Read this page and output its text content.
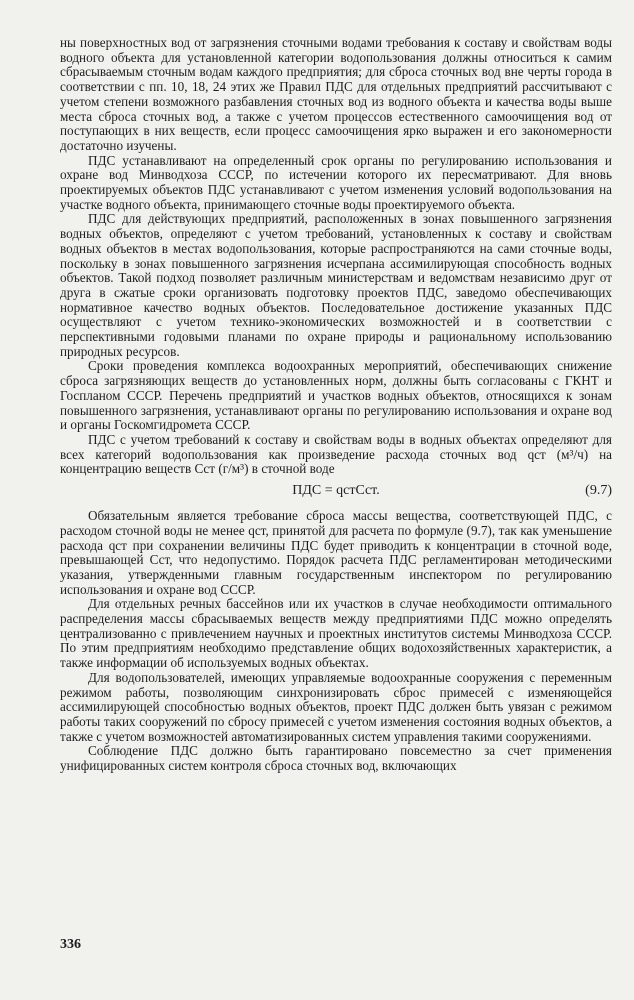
ны поверхностных вод от загрязнения сточными водами требования к составу и свойствам воды водного объекта для установленной категории водопользования должны относиться к самим сбрасываемым сточным водам каждого предприятия; для сброса сточных вод вне черты города в соответствии с пп. 10, 18, 24 этих же Правил ПДС для отдельных предприятий рассчитывают с учетом степени возможного разбавления сточных вод из водного объекта и качества воды выше места сброса сточных вод, а также с учетом процессов естественного самоочищения вод от поступающих в них веществ, если процесс самоочищения ярко выражен и его закономерности достаточно изучены.

ПДС устанавливают на определенный срок органы по регулированию использования и охране вод Минводхоза СССР, по истечении которого их пересматривают. Для вновь проектируемых объектов ПДС устанавливают с учетом изменения условий водопользования на участке водного объекта, принимающего сточные воды проектируемого объекта.

ПДС для действующих предприятий, расположенных в зонах повышенного загрязнения водных объектов, определяют с учетом требований, установленных к составу и свойствам водных объектов в местах водопользования, которые распространяются на сами сточные воды, поскольку в зонах повышенного загрязнения исчерпана ассимилирующая способность водных объектов. Такой подход позволяет различным министерствам и ведомствам независимо друг от друга в сжатые сроки организовать подготовку проектов ПДС, заведомо обеспечивающих нормативное качество водных объектов. Последовательное достижение указанных ПДС осуществляют с учетом технико-экономических возможностей и в соответствии с перспективными годовыми планами по охране природы и рациональному использованию природных ресурсов.

Сроки проведения комплекса водоохранных мероприятий, обеспечивающих снижение сброса загрязняющих веществ до установленных норм, должны быть согласованы с ГКНТ и Госпланом СССР. Перечень предприятий и участков водных объектов, относящихся к зонам повышенного загрязнения, устанавливают органы по регулированию использования и охране вод и органы Госкомгидромета СССР.

ПДС с учетом требований к составу и свойствам воды в водных объектах определяют для всех категорий водопользования как произведение расхода сточных вод qст (м³/ч) на концентрацию веществ Сст (г/м³) в сточной воде

ПДС = qстСст.	(9.7)

Обязательным является требование сброса массы вещества, соответствующей ПДС, с расходом сточной воды не менее qст, принятой для расчета по формуле (9.7), так как уменьшение расхода qст при сохранении величины ПДС будет приводить к концентрации в сточной воде, превышающей Сст, что недопустимо. Порядок расчета ПДС регламентирован методическими указания, утвержденными главным государственным инспектором по регулированию использования и охране вод СССР.

Для отдельных речных бассейнов или их участков в случае необходимости оптимального распределения массы сбрасываемых веществ между предприятиями ПДС можно определять централизованно с привлечением научных и проектных институтов системы Минводхоза СССР. По этим предприятиям необходимо представление общих водохозяйственных характеристик, а также информации об используемых водных объектах.

Для водопользователей, имеющих управляемые водоохранные сооружения с переменным режимом работы, позволяющим синхронизировать сброс примесей с изменяющейся ассимилирующей способностью водных объектов, проект ПДС должен быть увязан с режимом работы таких сооружений по сбросу примесей с учетом изменения состояния водных объектов, а также с учетом возможностей автоматизированных систем управления такими сооружениями.

Соблюдение ПДС должно быть гарантировано повсеместно за счет применения унифицированных систем контроля сброса сточных вод, включающих

336
